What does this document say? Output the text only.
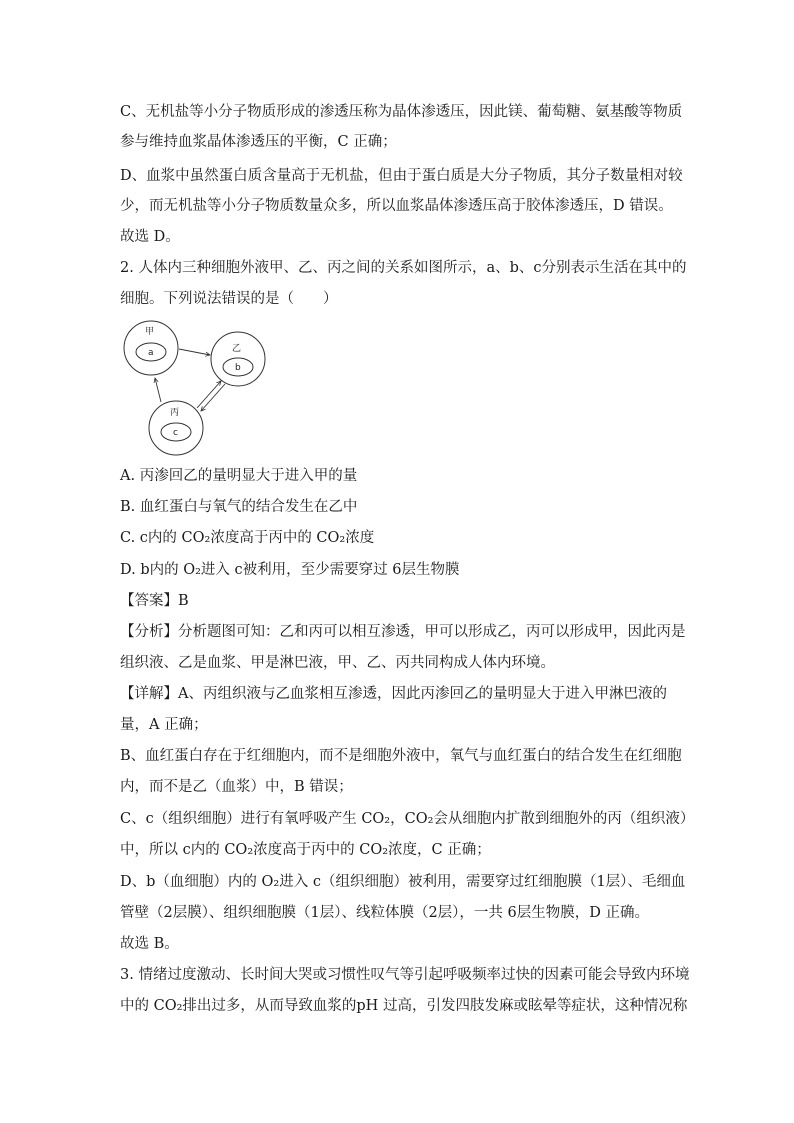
C、无机盐等小分子物质形成的渗透压称为晶体渗透压，因此镁、葡萄糖、氨基酸等物质
参与维持血浆晶体渗透压的平衡，C 正确；
D、血浆中虽然蛋白质含量高于无机盐，但由于蛋白质是大分子物质，其分子数量相对较
少，而无机盐等小分子物质数量众多，所以血浆晶体渗透压高于胶体渗透压，D 错误。
故选 D。
2. 人体内三种细胞外液甲、乙、丙之间的关系如图所示，a、b、c分别表示生活在其中的
细胞。下列说法错误的是（　　）
甲
a	乙
b
丙
c
A. 丙渗回乙的量明显大于进入甲的量
B. 血红蛋白与氧气的结合发生在乙中
C. c内的 CO₂浓度高于丙中的 CO₂浓度
D. b内的 O₂进入 c被利用，至少需要穿过 6层生物膜
【答案】B
【分析】分析题图可知：乙和丙可以相互渗透，甲可以形成乙，丙可以形成甲，因此丙是
组织液、乙是血浆、甲是淋巴液，甲、乙、丙共同构成人体内环境。
【详解】A、丙组织液与乙血浆相互渗透，因此丙渗回乙的量明显大于进入甲淋巴液的
量，A 正确；
B、血红蛋白存在于红细胞内，而不是细胞外液中，氧气与血红蛋白的结合发生在红细胞
内，而不是乙（血浆）中，B 错误；
C、c（组织细胞）进行有氧呼吸产生 CO₂，CO₂会从细胞内扩散到细胞外的丙（组织液）
中，所以 c内的 CO₂浓度高于丙中的 CO₂浓度，C 正确；
D、b（血细胞）内的 O₂进入 c（组织细胞）被利用，需要穿过红细胞膜（1层）、毛细血
管壁（2层膜）、组织细胞膜（1层）、线粒体膜（2层），一共 6层生物膜，D 正确。
故选 B。
3. 情绪过度激动、长时间大哭或习惯性叹气等引起呼吸频率过快的因素可能会导致内环境
中的 CO₂排出过多，从而导致血浆的pH 过高，引发四肢发麻或眩晕等症状，这种情况称
